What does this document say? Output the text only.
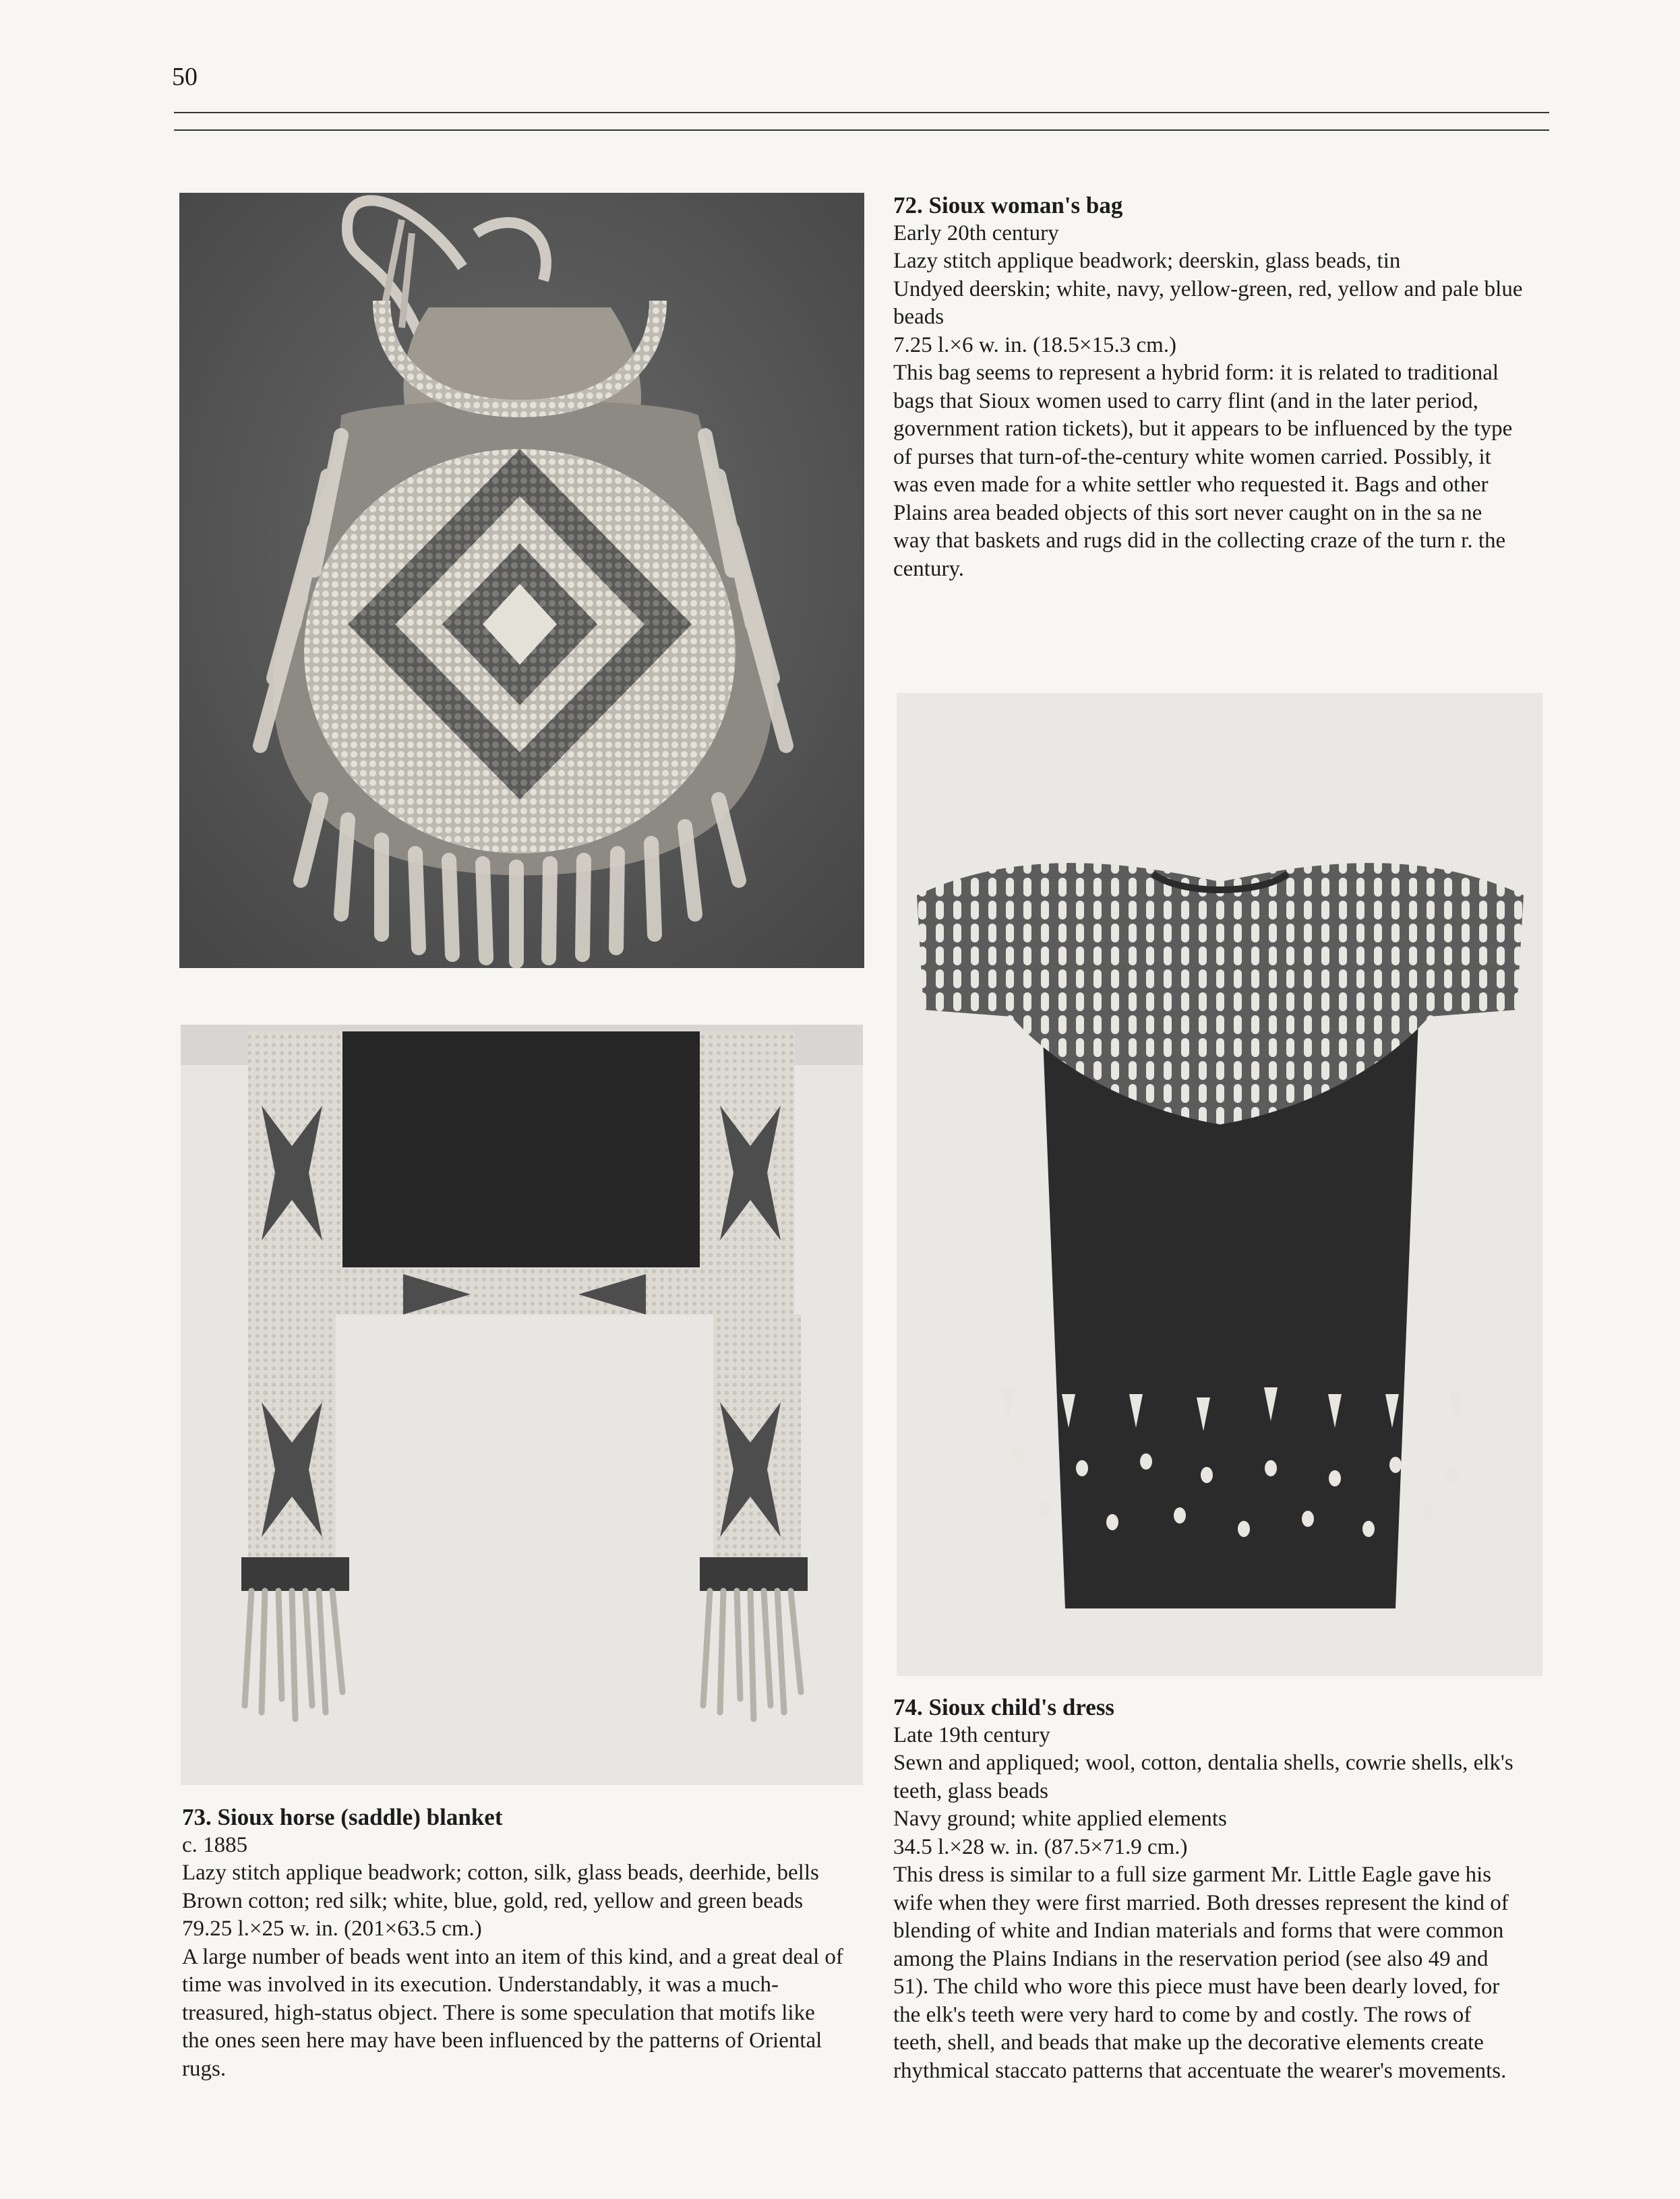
50

72. Sioux woman's bag

Early 20th century

Lazy stitch applique beadwork; deerskin, glass beads, tin

Undyed deerskin; white, navy, yellow-green, red, yellow and pale blue beads

7.25 l.×6 w. in. (18.5×15.3 cm.)

This bag seems to represent a hybrid form: it is related to traditional bags that Sioux women used to carry flint (and in the later period, government ration tickets), but it appears to be influenced by the type of purses that turn-of-the-century white women carried. Possibly, it was even made for a white settler who requested it. Bags and other Plains area beaded objects of this sort never caught on in the sa ne way that baskets and rugs did in the collecting craze of the turn r. the century.

73. Sioux horse (saddle) blanket

c. 1885

Lazy stitch applique beadwork; cotton, silk, glass beads, deerhide, bells

Brown cotton; red silk; white, blue, gold, red, yellow and green beads

79.25 l.×25 w. in. (201×63.5 cm.)

A large number of beads went into an item of this kind, and a great deal of time was involved in its execution. Understandably, it was a much-treasured, high-status object. There is some speculation that motifs like the ones seen here may have been influenced by the patterns of Oriental rugs.

74. Sioux child's dress

Late 19th century

Sewn and appliqued; wool, cotton, dentalia shells, cowrie shells, elk's teeth, glass beads

Navy ground; white applied elements

34.5 l.×28 w. in. (87.5×71.9 cm.)

This dress is similar to a full size garment Mr. Little Eagle gave his wife when they were first married. Both dresses represent the kind of blending of white and Indian materials and forms that were common among the Plains Indians in the reservation period (see also 49 and 51). The child who wore this piece must have been dearly loved, for the elk's teeth were very hard to come by and costly. The rows of teeth, shell, and beads that make up the decorative elements create rhythmical staccato patterns that accentuate the wearer's movements.
